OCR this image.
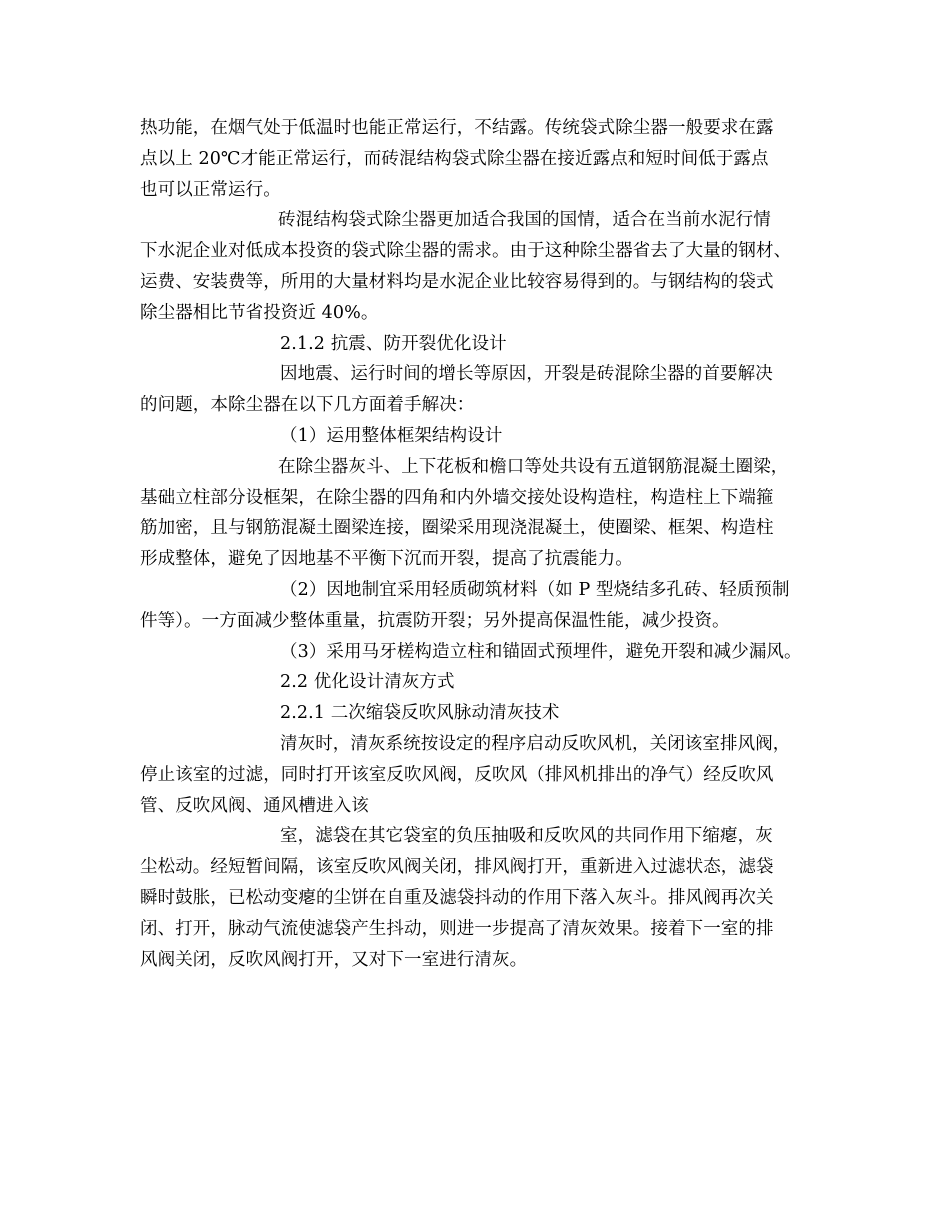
热功能，在烟气处于低温时也能正常运行，不结露。传统袋式除尘器一般要求在露
点以上 20℃才能正常运行，而砖混结构袋式除尘器在接近露点和短时间低于露点
也可以正常运行。
砖混结构袋式除尘器更加适合我国的国情，适合在当前水泥行情
下水泥企业对低成本投资的袋式除尘器的需求。由于这种除尘器省去了大量的钢材、
运费、安装费等，所用的大量材料均是水泥企业比较容易得到的。与钢结构的袋式
除尘器相比节省投资近 40%。
2.1.2 抗震、防开裂优化设计
因地震、运行时间的增长等原因，开裂是砖混除尘器的首要解决
的问题，本除尘器在以下几方面着手解决：
（1）运用整体框架结构设计
在除尘器灰斗、上下花板和檐口等处共设有五道钢筋混凝土圈梁，
基础立柱部分设框架，在除尘器的四角和内外墙交接处设构造柱，构造柱上下端箍
筋加密，且与钢筋混凝土圈梁连接，圈梁采用现浇混凝土，使圈梁、框架、构造柱
形成整体，避免了因地基不平衡下沉而开裂，提高了抗震能力。
（2）因地制宜采用轻质砌筑材料（如 P 型烧结多孔砖、轻质预制
件等）。一方面减少整体重量，抗震防开裂；另外提高保温性能，减少投资。
（3）采用马牙槎构造立柱和锚固式预埋件，避免开裂和减少漏风。
2.2 优化设计清灰方式
2.2.1 二次缩袋反吹风脉动清灰技术
清灰时，清灰系统按设定的程序启动反吹风机，关闭该室排风阀，
停止该室的过滤，同时打开该室反吹风阀，反吹风（排风机排出的净气）经反吹风
管、反吹风阀、通风槽进入该
室，滤袋在其它袋室的负压抽吸和反吹风的共同作用下缩瘪，灰
尘松动。经短暂间隔，该室反吹风阀关闭，排风阀打开，重新进入过滤状态，滤袋
瞬时鼓胀，已松动变瘪的尘饼在自重及滤袋抖动的作用下落入灰斗。排风阀再次关
闭、打开，脉动气流使滤袋产生抖动，则进一步提高了清灰效果。接着下一室的排
风阀关闭，反吹风阀打开，又对下一室进行清灰。
